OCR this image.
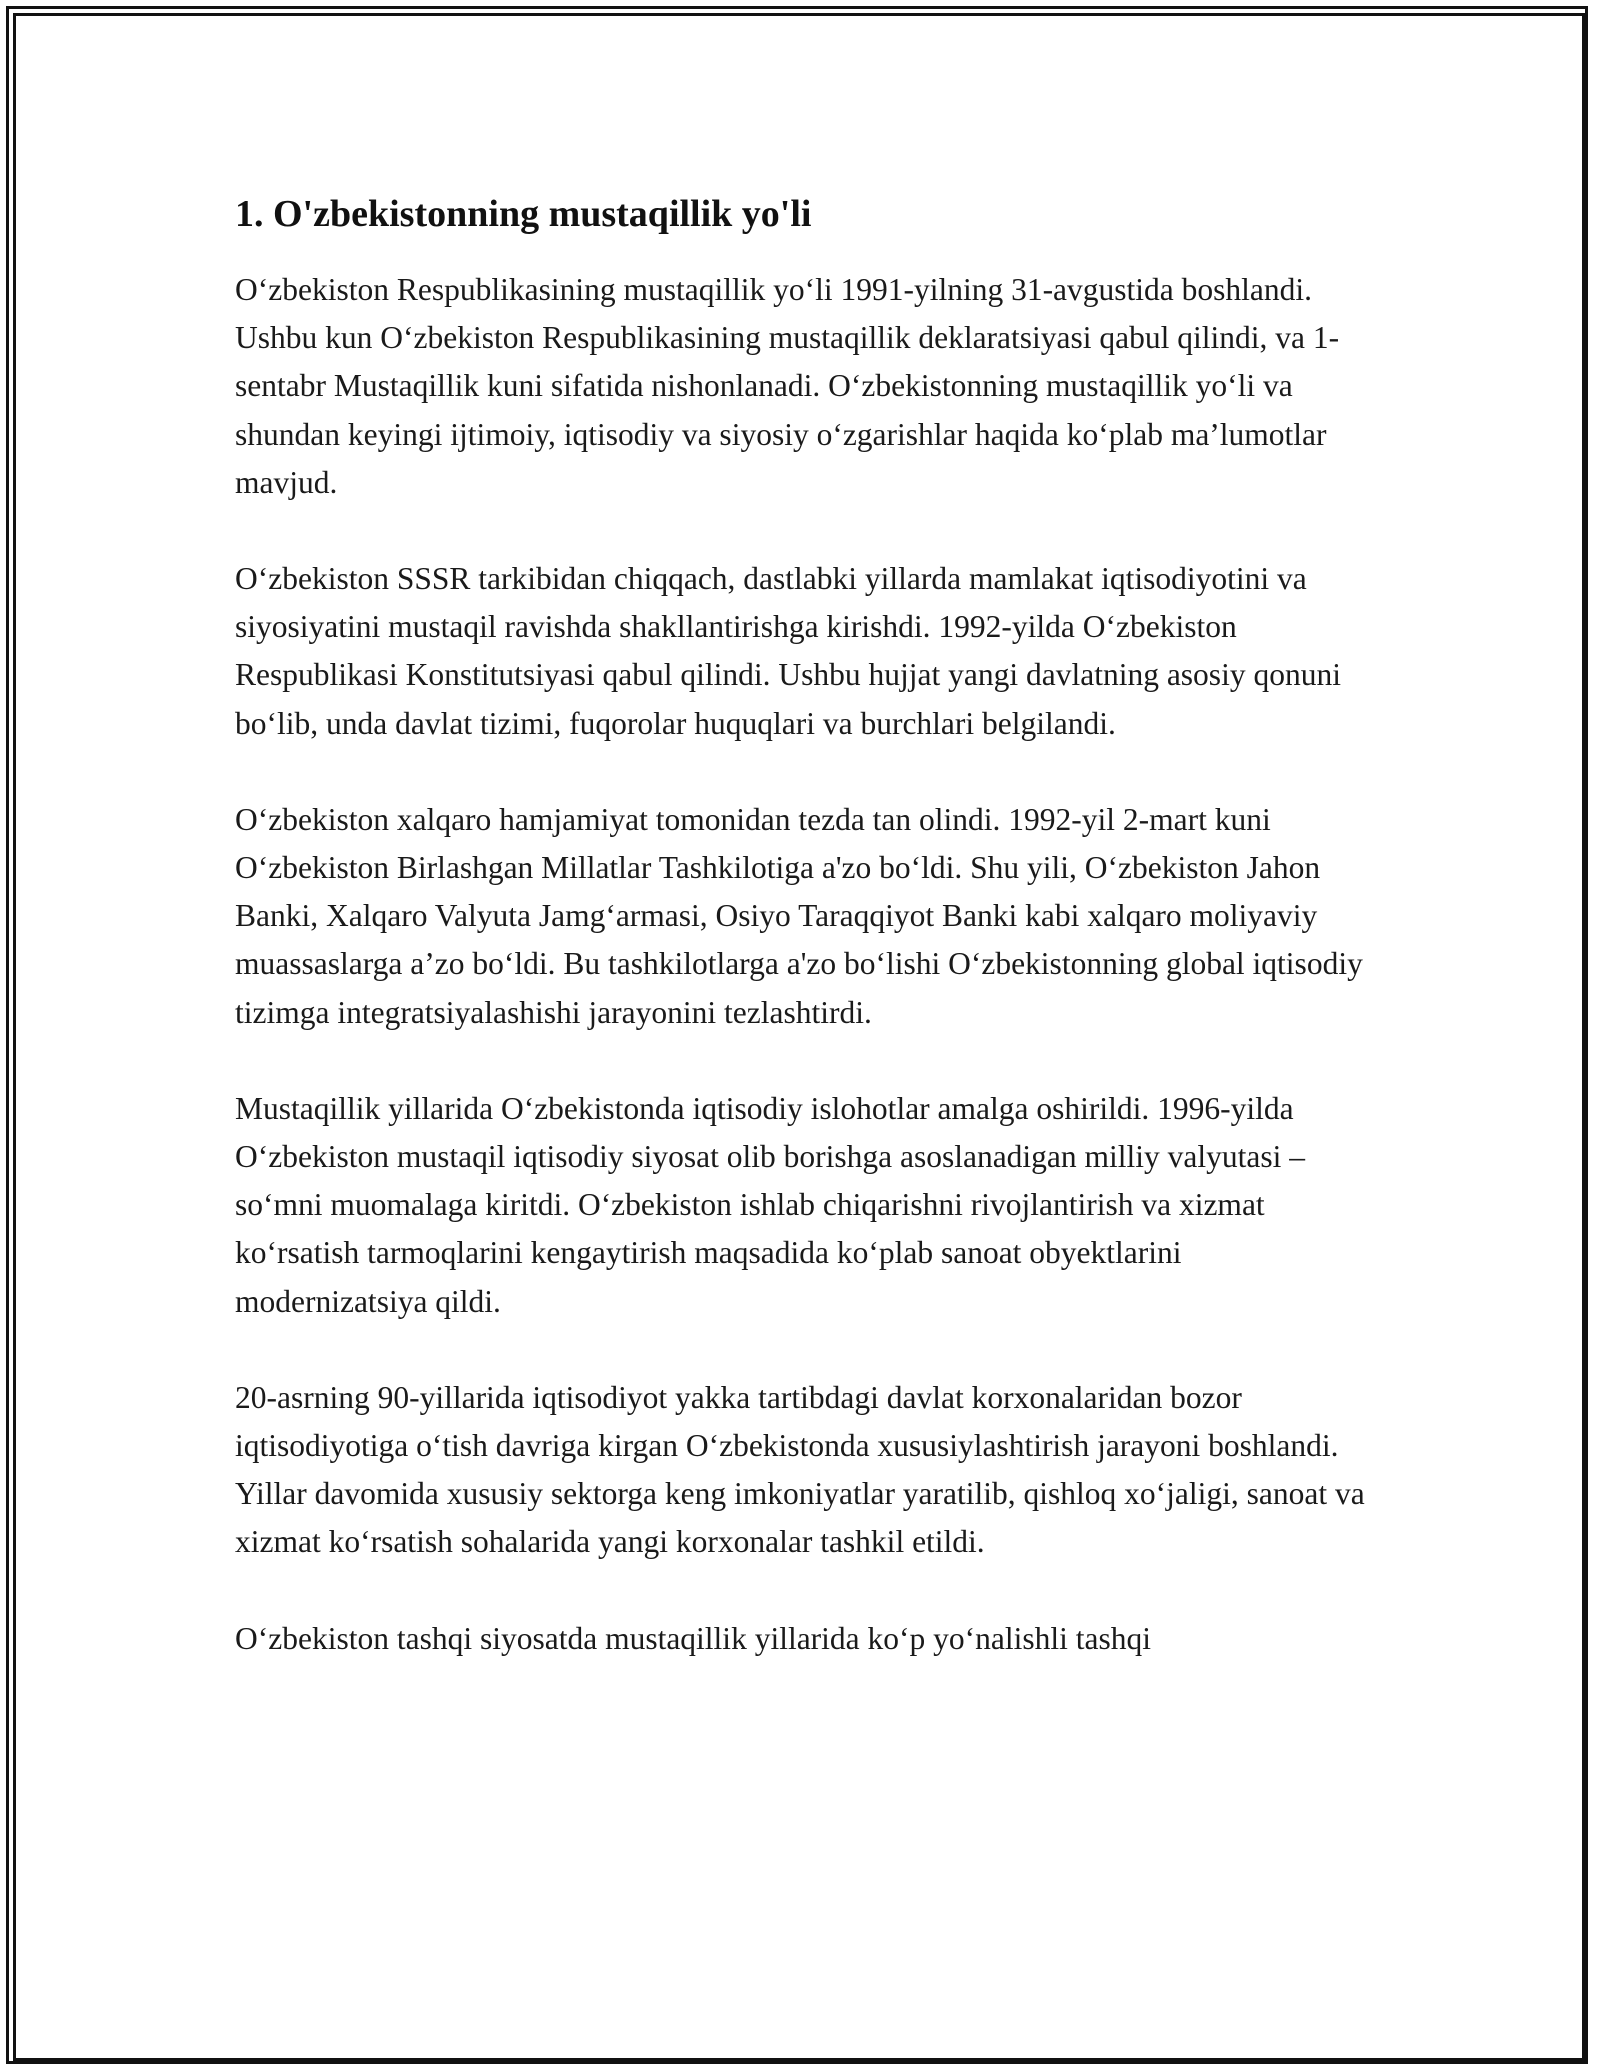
1. O'zbekistonning mustaqillik yo'li

O‘zbekiston Respublikasining mustaqillik yo‘li 1991-yilning 31-avgustida boshlandi. Ushbu kun O‘zbekiston Respublikasining mustaqillik deklaratsiyasi qabul qilindi, va 1-sentabr Mustaqillik kuni sifatida nishonlanadi. O‘zbekistonning mustaqillik yo‘li va shundan keyingi ijtimoiy, iqtisodiy va siyosiy o‘zgarishlar haqida ko‘plab ma’lumotlar mavjud.

O‘zbekiston SSSR tarkibidan chiqqach, dastlabki yillarda mamlakat iqtisodiyotini va siyosiyatini mustaqil ravishda shakllantirishga kirishdi. 1992-yilda O‘zbekiston Respublikasi Konstitutsiyasi qabul qilindi. Ushbu hujjat yangi davlatning asosiy qonuni bo‘lib, unda davlat tizimi, fuqorolar huquqlari va burchlari belgilandi.

O‘zbekiston xalqaro hamjamiyat tomonidan tezda tan olindi. 1992-yil 2-mart kuni O‘zbekiston Birlashgan Millatlar Tashkilotiga a'zo bo‘ldi. Shu yili, O‘zbekiston Jahon Banki, Xalqaro Valyuta Jamg‘armasi, Osiyo Taraqqiyot Banki kabi xalqaro moliyaviy muassaslarga a’zo bo‘ldi. Bu tashkilotlarga a'zo bo‘lishi O‘zbekistonning global iqtisodiy tizimga integratsiyalashishi jarayonini tezlashtirdi.

Mustaqillik yillarida O‘zbekistonda iqtisodiy islohotlar amalga oshirildi. 1996-yilda O‘zbekiston mustaqil iqtisodiy siyosat olib borishga asoslanadigan milliy valyutasi – so‘mni muomalaga kiritdi. O‘zbekiston ishlab chiqarishni rivojlantirish va xizmat ko‘rsatish tarmoqlarini kengaytirish maqsadida ko‘plab sanoat obyektlarini modernizatsiya qildi.

20-asrning 90-yillarida iqtisodiyot yakka tartibdagi davlat korxonalaridan bozor iqtisodiyotiga o‘tish davriga kirgan O‘zbekistonda xususiylashtirish jarayoni boshlandi. Yillar davomida xususiy sektorga keng imkoniyatlar yaratilib, qishloq xo‘jaligi, sanoat va xizmat ko‘rsatish sohalarida yangi korxonalar tashkil etildi.

O‘zbekiston tashqi siyosatda mustaqillik yillarida ko‘p yo‘nalishli tashqi
